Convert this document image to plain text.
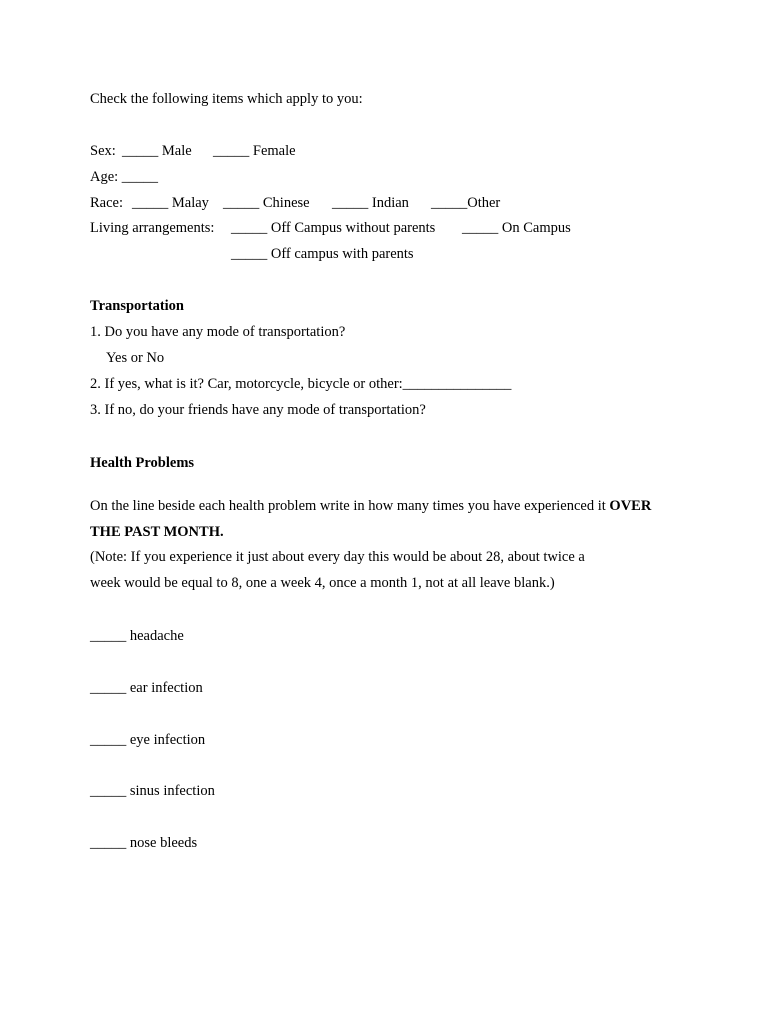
Check the following items which apply to you:
Sex: _____ Male _____ Female
Age: _____
Race: _____ Malay _____ Chinese _____ Indian _____Other
Living arrangements: _____ Off Campus without parents _____ On Campus
_____ Off campus with parents
Transportation
1. Do you have any mode of transportation?
Yes or No
2. If yes, what is it? Car, motorcycle, bicycle or other:_______________
3. If no, do your friends have any mode of transportation?
Health Problems
On the line beside each health problem write in how many times you have experienced it OVER
THE PAST MONTH.
(Note: If you experience it just about every day this would be about 28, about twice a
week would be equal to 8, one a week 4, once a month 1, not at all leave blank.)
_____ headache
_____ ear infection
_____ eye infection
_____ sinus infection
_____ nose bleeds
